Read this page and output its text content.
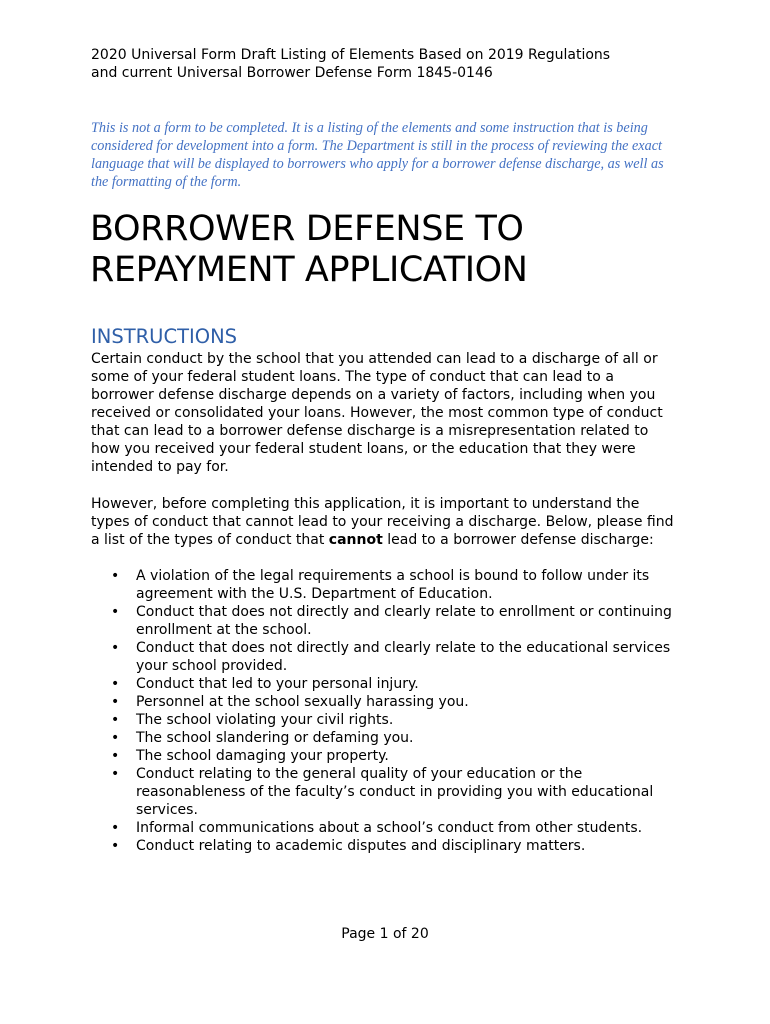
2020 Universal Form Draft Listing of Elements Based on 2019 Regulations
and current Universal Borrower Defense Form 1845-0146
This is not a form to be completed. It is a listing of the elements and some instruction that is being considered for development into a form. The Department is still in the process of reviewing the exact language that will be displayed to borrowers who apply for a borrower defense discharge, as well as the formatting of the form.
BORROWER DEFENSE TO
REPAYMENT APPLICATION
INSTRUCTIONS

Certain conduct by the school that you attended can lead to a discharge of all or some of your federal student loans. The type of conduct that can lead to a borrower defense discharge depends on a variety of factors, including when you received or consolidated your loans. However, the most common type of conduct that can lead to a borrower defense discharge is a misrepresentation related to how you received your federal student loans, or the education that they were intended to pay for.

However, before completing this application, it is important to understand the types of conduct that cannot lead to your receiving a discharge. Below, please find a list of the types of conduct that cannot lead to a borrower defense discharge:

• A violation of the legal requirements a school is bound to follow under its agreement with the U.S. Department of Education.
• Conduct that does not directly and clearly relate to enrollment or continuing enrollment at the school.
• Conduct that does not directly and clearly relate to the educational services your school provided.
• Conduct that led to your personal injury.
• Personnel at the school sexually harassing you.
• The school violating your civil rights.
• The school slandering or defaming you.
• The school damaging your property.
• Conduct relating to the general quality of your education or the reasonableness of the faculty’s conduct in providing you with educational services.
• Informal communications about a school’s conduct from other students.
• Conduct relating to academic disputes and disciplinary matters.
Page 1 of 20
